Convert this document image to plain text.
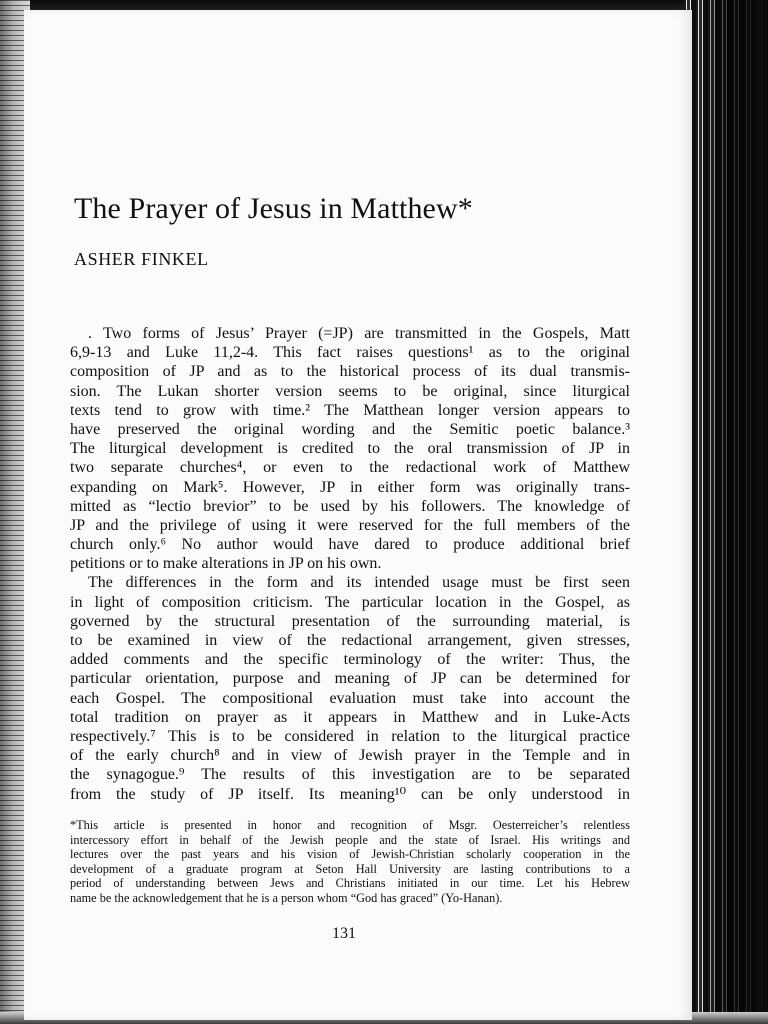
The Prayer of Jesus in Matthew*
ASHER FINKEL
. Two forms of Jesus’ Prayer (=JP) are transmitted in the Gospels, Matt
6,9-13 and Luke 11,2-4. This fact raises questions¹ as to the original
composition of JP and as to the historical process of its dual transmis-
sion. The Lukan shorter version seems to be original, since liturgical
texts tend to grow with time.² The Matthean longer version appears to
have preserved the original wording and the Semitic poetic balance.³
The liturgical development is credited to the oral transmission of JP in
two separate churches⁴, or even to the redactional work of Matthew
expanding on Mark⁵. However, JP in either form was originally trans-
mitted as “lectio brevior” to be used by his followers. The knowledge of
JP and the privilege of using it were reserved for the full members of the
church only.⁶ No author would have dared to produce additional brief
petitions or to make alterations in JP on his own.
The differences in the form and its intended usage must be first seen
in light of composition criticism. The particular location in the Gospel, as
governed by the structural presentation of the surrounding material, is
to be examined in view of the redactional arrangement, given stresses,
added comments and the specific terminology of the writer: Thus, the
particular orientation, purpose and meaning of JP can be determined for
each Gospel. The compositional evaluation must take into account the
total tradition on prayer as it appears in Matthew and in Luke-Acts
respectively.⁷ This is to be considered in relation to the liturgical practice
of the early church⁸ and in view of Jewish prayer in the Temple and in
the synagogue.⁹ The results of this investigation are to be separated
from the study of JP itself. Its meaning¹⁰ can be only understood in
*This article is presented in honor and recognition of Msgr. Oesterreicher’s relentless
intercessory effort in behalf of the Jewish people and the state of Israel. His writings and
lectures over the past years and his vision of Jewish-Christian scholarly cooperation in the
development of a graduate program at Seton Hall University are lasting contributions to a
period of understanding between Jews and Christians initiated in our time. Let his Hebrew
name be the acknowledgement that he is a person whom “God has graced” (Yo-Hanan).
131
